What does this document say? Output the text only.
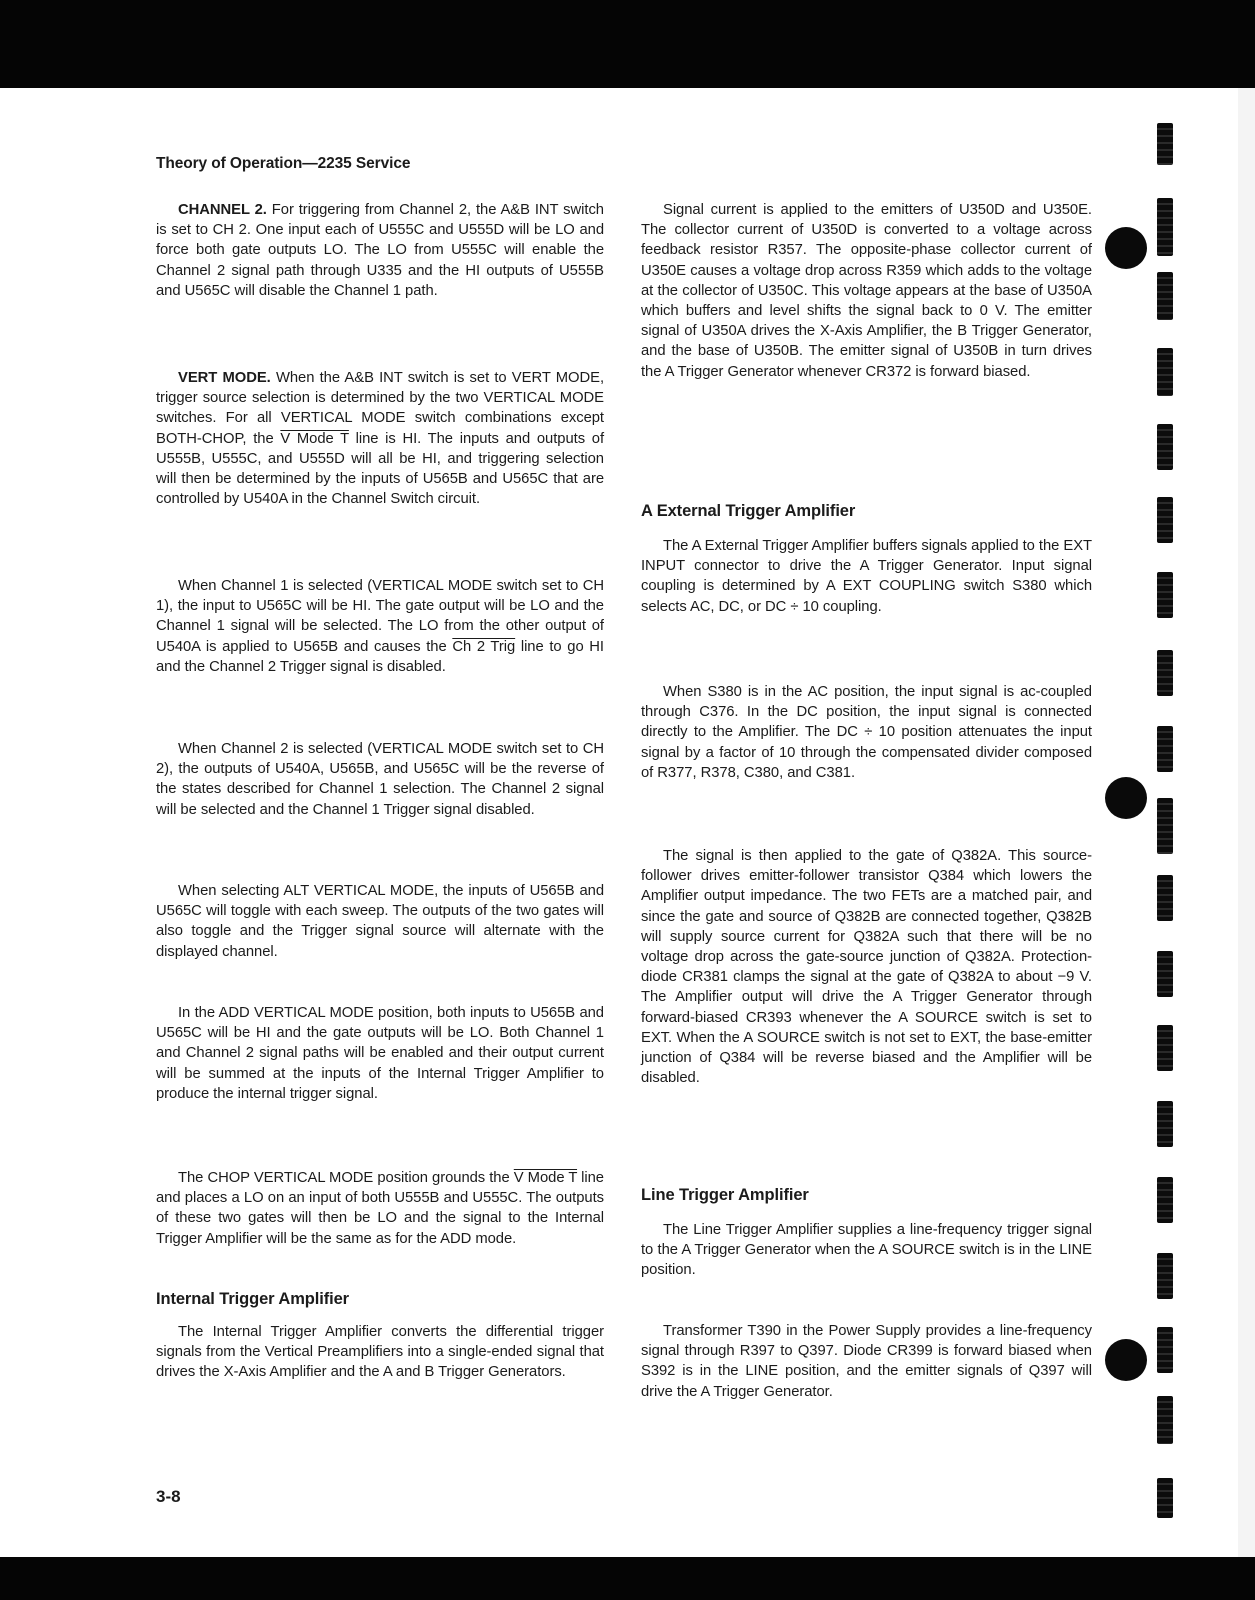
Theory of Operation—2235 Service

CHANNEL 2. For triggering from Channel 2, the A&B INT switch is set to CH 2. One input each of U555C and U555D will be LO and force both gate outputs LO. The LO from U555C will enable the Channel 2 signal path through U335 and the HI outputs of U555B and U565C will disable the Channel 1 path.

VERT MODE. When the A&B INT switch is set to VERT MODE, trigger source selection is determined by the two VERTICAL MODE switches. For all VERTICAL MODE switch combinations except BOTH-CHOP, the V Mode T line is HI. The inputs and outputs of U555B, U555C, and U555D will all be HI, and triggering selection will then be determined by the inputs of U565B and U565C that are controlled by U540A in the Channel Switch circuit.

When Channel 1 is selected (VERTICAL MODE switch set to CH 1), the input to U565C will be HI. The gate output will be LO and the Channel 1 signal will be selected. The LO from the other output of U540A is applied to U565B and causes the Ch 2 Trig line to go HI and the Channel 2 Trigger signal is disabled.

When Channel 2 is selected (VERTICAL MODE switch set to CH 2), the outputs of U540A, U565B, and U565C will be the reverse of the states described for Channel 1 selection. The Channel 2 signal will be selected and the Channel 1 Trigger signal disabled.

When selecting ALT VERTICAL MODE, the inputs of U565B and U565C will toggle with each sweep. The outputs of the two gates will also toggle and the Trigger signal source will alternate with the displayed channel.

In the ADD VERTICAL MODE position, both inputs to U565B and U565C will be HI and the gate outputs will be LO. Both Channel 1 and Channel 2 signal paths will be enabled and their output current will be summed at the inputs of the Internal Trigger Amplifier to produce the internal trigger signal.

The CHOP VERTICAL MODE position grounds the V Mode T line and places a LO on an input of both U555B and U555C. The outputs of these two gates will then be LO and the signal to the Internal Trigger Amplifier will be the same as for the ADD mode.

Internal Trigger Amplifier

The Internal Trigger Amplifier converts the differential trigger signals from the Vertical Preamplifiers into a single-ended signal that drives the X-Axis Amplifier and the A and B Trigger Generators.

Signal current is applied to the emitters of U350D and U350E. The collector current of U350D is converted to a voltage across feedback resistor R357. The opposite-phase collector current of U350E causes a voltage drop across R359 which adds to the voltage at the collector of U350C. This voltage appears at the base of U350A which buffers and level shifts the signal back to 0 V. The emitter signal of U350A drives the X-Axis Amplifier, the B Trigger Generator, and the base of U350B. The emitter signal of U350B in turn drives the A Trigger Generator whenever CR372 is forward biased.

A External Trigger Amplifier

The A External Trigger Amplifier buffers signals applied to the EXT INPUT connector to drive the A Trigger Generator. Input signal coupling is determined by A EXT COUPLING switch S380 which selects AC, DC, or DC ÷ 10 coupling.

When S380 is in the AC position, the input signal is ac-coupled through C376. In the DC position, the input signal is connected directly to the Amplifier. The DC ÷ 10 position attenuates the input signal by a factor of 10 through the compensated divider composed of R377, R378, C380, and C381.

The signal is then applied to the gate of Q382A. This source-follower drives emitter-follower transistor Q384 which lowers the Amplifier output impedance. The two FETs are a matched pair, and since the gate and source of Q382B are connected together, Q382B will supply source current for Q382A such that there will be no voltage drop across the gate-source junction of Q382A. Protection-diode CR381 clamps the signal at the gate of Q382A to about −9 V. The Amplifier output will drive the A Trigger Generator through forward-biased CR393 whenever the A SOURCE switch is set to EXT. When the A SOURCE switch is not set to EXT, the base-emitter junction of Q384 will be reverse biased and the Amplifier will be disabled.

Line Trigger Amplifier

The Line Trigger Amplifier supplies a line-frequency trigger signal to the A Trigger Generator when the A SOURCE switch is in the LINE position.

Transformer T390 in the Power Supply provides a line-frequency signal through R397 to Q397. Diode CR399 is forward biased when S392 is in the LINE position, and the emitter signals of Q397 will drive the A Trigger Generator.

3-8
